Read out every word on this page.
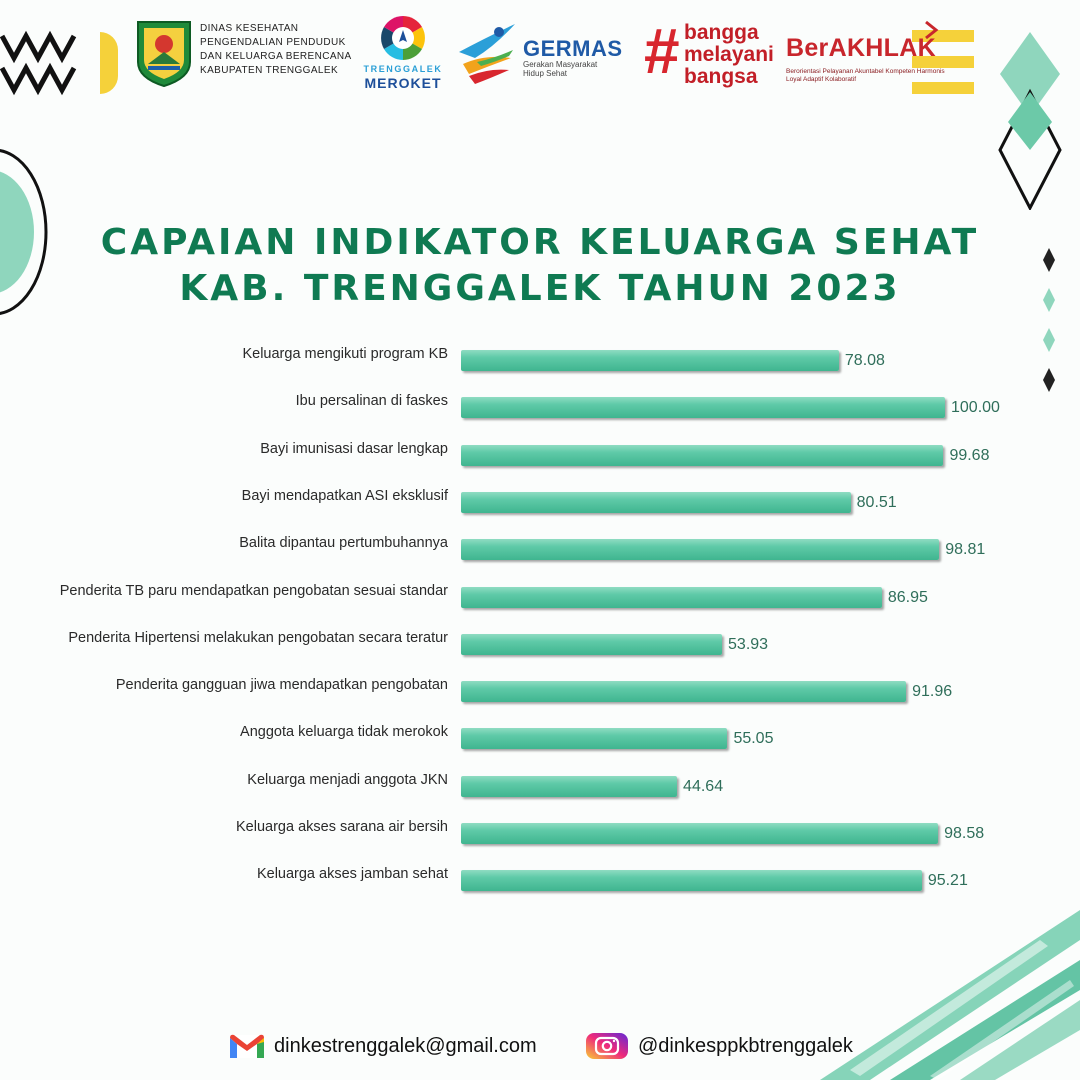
DINAS KESEHATAN
PENGENDALIAN PENDUDUK
DAN KELUARGA BERENCANA
KABUPATEN TRENGGALEK	TRENGGALEK
MEROKET
GERMAS
Gerakan Masyarakat Hidup Sehat	# bangga
melayani
bangsa
BerAKHLAK
Berorientasi Pelayanan Akuntabel Kompeten Harmonis Loyal Adaptif Kolaboratif
CAPAIAN INDIKATOR KELUARGA SEHAT
KAB. TRENGGALEK TAHUN 2023
Keluarga mengikuti program KB	78.08
Ibu persalinan di faskes	100.00
Bayi imunisasi dasar lengkap	99.68
Bayi mendapatkan ASI eksklusif	80.51
Balita dipantau pertumbuhannya	98.81
Penderita TB paru mendapatkan pengobatan sesuai standar	86.95
Penderita Hipertensi melakukan pengobatan secara teratur	53.93
Penderita gangguan jiwa mendapatkan pengobatan	91.96
Anggota keluarga tidak merokok	55.05
Keluarga menjadi anggota JKN	44.64
Keluarga akses sarana air bersih	98.58
Keluarga akses jamban sehat	95.21
dinkestrenggalek@gmail.com	@dinkesppkbtrenggalek
